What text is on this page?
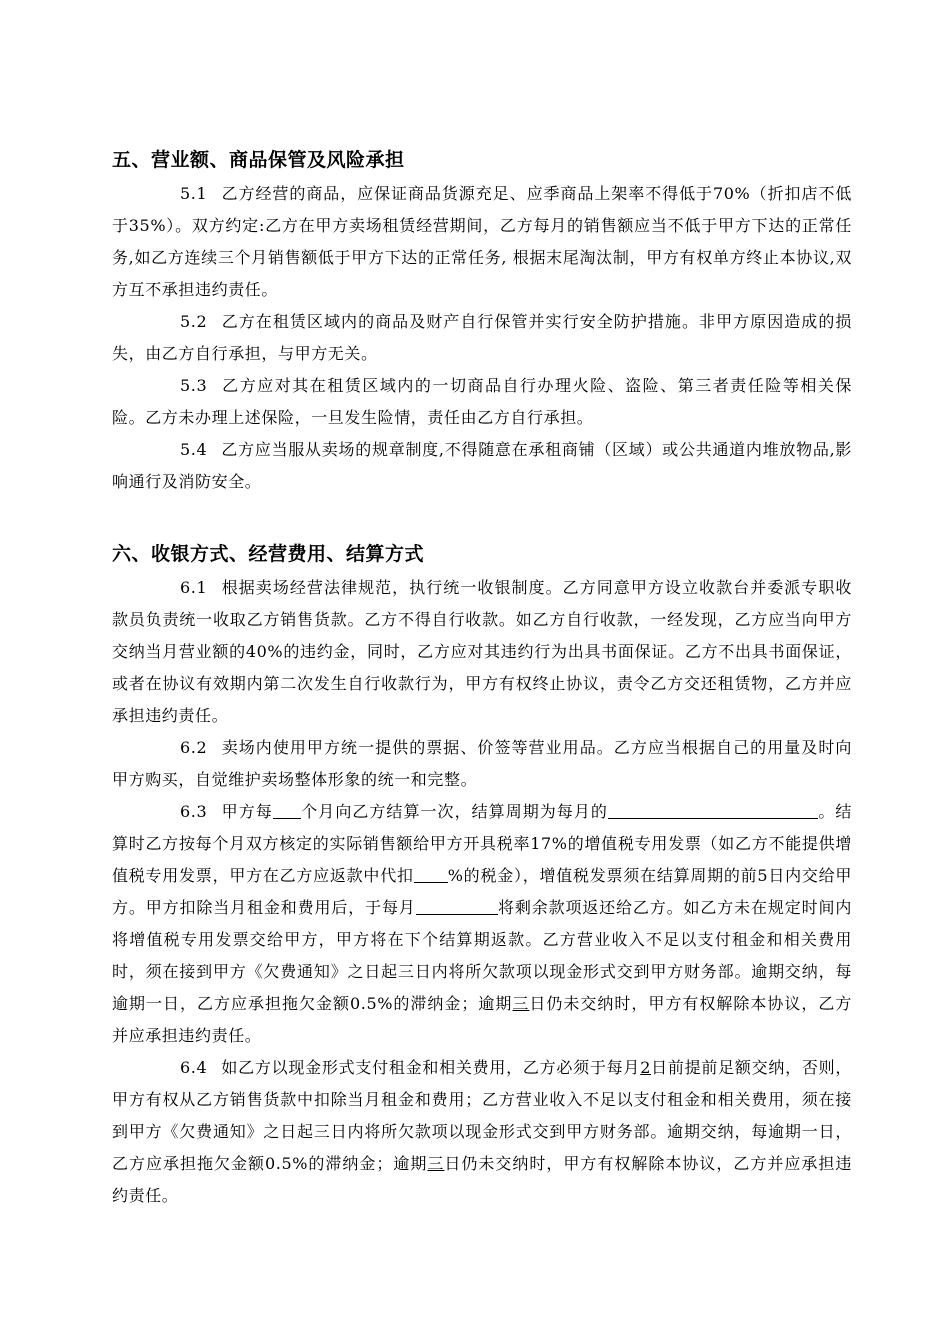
五、营业额、商品保管及风险承担

5.1 乙方经营的商品，应保证商品货源充足、应季商品上架率不得低于70%（折扣店不低于35%）。双方约定:乙方在甲方卖场租赁经营期间，乙方每月的销售额应当不低于甲方下达的正常任务,如乙方连续三个月销售额低于甲方下达的正常任务, 根据末尾淘汰制，甲方有权单方终止本协议,双方互不承担违约责任。

5.2 乙方在租赁区域内的商品及财产自行保管并实行安全防护措施。非甲方原因造成的损失，由乙方自行承担，与甲方无关。

5.3 乙方应对其在租赁区域内的一切商品自行办理火险、盗险、第三者责任险等相关保险。乙方未办理上述保险，一旦发生险情，责任由乙方自行承担。

5.4 乙方应当服从卖场的规章制度,不得随意在承租商铺（区域）或公共通道内堆放物品,影响通行及消防安全。

六、收银方式、经营费用、结算方式

6.1 根据卖场经营法律规范，执行统一收银制度。乙方同意甲方设立收款台并委派专职收款员负责统一收取乙方销售货款。乙方不得自行收款。如乙方自行收款，一经发现，乙方应当向甲方交纳当月营业额的40%的违约金，同时，乙方应对其违约行为出具书面保证。乙方不出具书面保证，或者在协议有效期内第二次发生自行收款行为，甲方有权终止协议，责令乙方交还租赁物，乙方并应承担违约责任。

6.2 卖场内使用甲方统一提供的票据、价签等营业用品。乙方应当根据自己的用量及时向甲方购买，自觉维护卖场整体形象的统一和完整。

6.3 甲方每 个月向乙方结算一次，结算周期为每月的	。结算时乙方按每个月双方核定的实际销售额给甲方开具税率17%的增值税专用发票（如乙方不能提供增值税专用发票，甲方在乙方应返款中代扣 %的税金），增值税发票须在结算周期的前5日内交给甲方。甲方扣除当月租金和费用后，于每月	将剩余款项返还给乙方。如乙方未在规定时间内将增值税专用发票交给甲方，甲方将在下个结算期返款。乙方营业收入不足以支付租金和相关费用时，须在接到甲方《欠费通知》之日起三日内将所欠款项以现金形式交到甲方财务部。逾期交纳，每逾期一日，乙方应承担拖欠金额0.5%的滞纳金；逾期三日仍未交纳时，甲方有权解除本协议，乙方并应承担违约责任。

6.4 如乙方以现金形式支付租金和相关费用，乙方必须于每月2日前提前足额交纳，否则，甲方有权从乙方销售货款中扣除当月租金和费用；乙方营业收入不足以支付租金和相关费用，须在接到甲方《欠费通知》之日起三日内将所欠款项以现金形式交到甲方财务部。逾期交纳，每逾期一日，乙方应承担拖欠金额0.5%的滞纳金；逾期三日仍未交纳时，甲方有权解除本协议，乙方并应承担违约责任。
